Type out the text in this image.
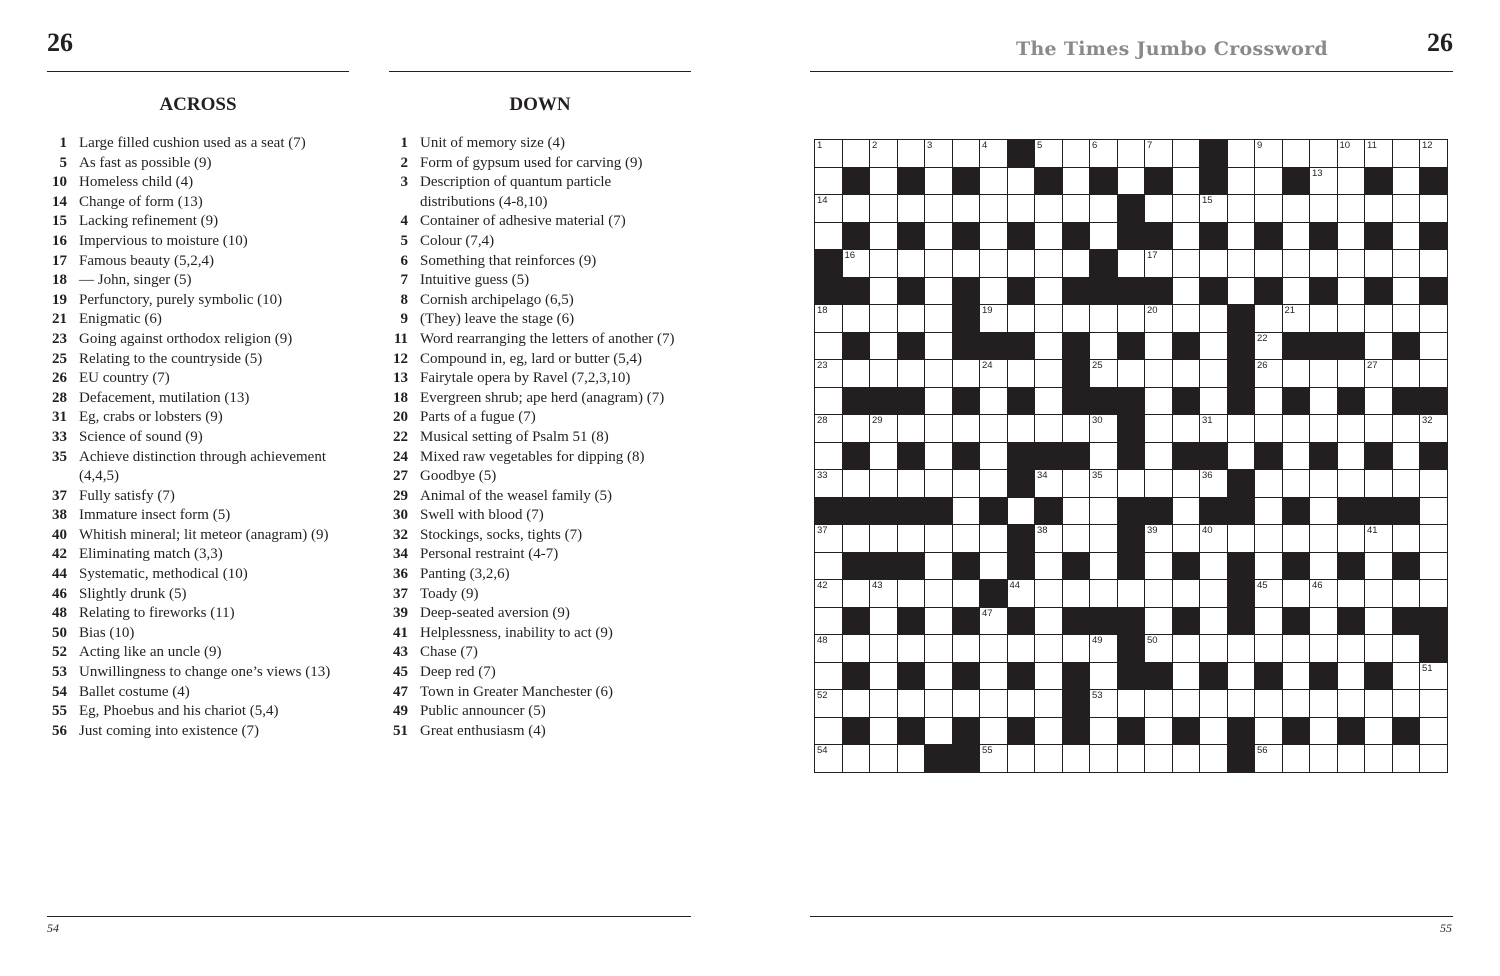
26
ACROSS	DOWN
1 Large filled cushion used as a seat (7)
5 As fast as possible (9)
10 Homeless child (4)
14 Change of form (13)
15 Lacking refinement (9)
16 Impervious to moisture (10)
17 Famous beauty (5,2,4)
18 — John, singer (5)
19 Perfunctory, purely symbolic (10)
21 Enigmatic (6)
23 Going against orthodox religion (9)
25 Relating to the countryside (5)
26 EU country (7)
28 Defacement, mutilation (13)
31 Eg, crabs or lobsters (9)
33 Science of sound (9)
35 Achieve distinction through achievement
(4,4,5)
37 Fully satisfy (7)
38 Immature insect form (5)
40 Whitish mineral; lit meteor (anagram) (9)
42 Eliminating match (3,3)
44 Systematic, methodical (10)
46 Slightly drunk (5)
48 Relating to fireworks (11)
50 Bias (10)
52 Acting like an uncle (9)
53 Unwillingness to change one’s views (13)
54 Ballet costume (4)
55 Eg, Phoebus and his chariot (5,4)
56 Just coming into existence (7)
1 Unit of memory size (4)
2 Form of gypsum used for carving (9)
3 Description of quantum particle
distributions (4-8,10)
4 Container of adhesive material (7)
5 Colour (7,4)
6 Something that reinforces (9)
7 Intuitive guess (5)
8 Cornish archipelago (6,5)
9 (They) leave the stage (6)
11 Word rearranging the letters of another (7)
12 Compound in, eg, lard or butter (5,4)
13 Fairytale opera by Ravel (7,2,3,10)
18 Evergreen shrub; ape herd (anagram) (7)
20 Parts of a fugue (7)
22 Musical setting of Psalm 51 (8)
24 Mixed raw vegetables for dipping (8)
27 Goodbye (5)
29 Animal of the weasel family (5)
30 Swell with blood (7)
32 Stockings, socks, tights (7)
34 Personal restraint (4-7)
36 Panting (3,2,6)
37 Toady (9)
39 Deep-seated aversion (9)
41 Helplessness, inability to act (9)
43 Chase (7)
45 Deep red (7)
47 Town in Greater Manchester (6)
49 Public announcer (5)
51 Great enthusiasm (4)
54
The Times Jumbo Crossword	26
1	2	3	4	5	6	7	8	9	10 11	12
13
14	15
16	17
18	19	20	21
22
23	24	25	26	27
28	29	30	31	32
33	34	35	36
37	38	39	40	41
42	43	44	45	46
47
48	49	50
51
52	53
54	55	56
55
